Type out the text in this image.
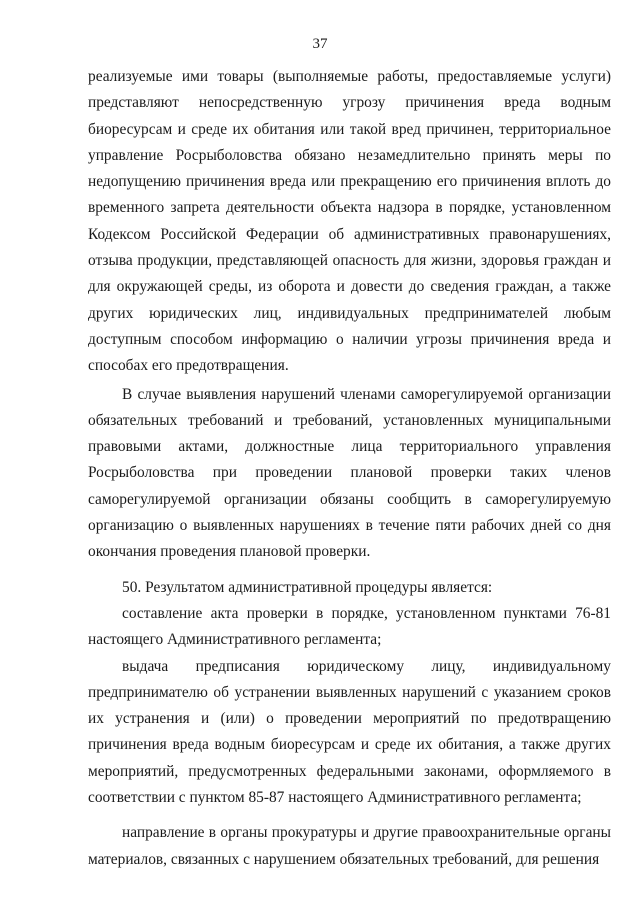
37

реализуемые ими товары (выполняемые работы, предоставляемые услуги) представляют непосредственную угрозу причинения вреда водным биоресурсам и среде их обитания или такой вред причинен, территориальное управление Росрыболовства обязано незамедлительно принять меры по недопущению причинения вреда или прекращению его причинения вплоть до временного запрета деятельности объекта надзора в порядке, установленном Кодексом Российской Федерации об административных правонарушениях, отзыва продукции, представляющей опасность для жизни, здоровья граждан и для окружающей среды, из оборота и довести до сведения граждан, а также других юридических лиц, индивидуальных предпринимателей любым доступным способом информацию о наличии угрозы причинения вреда и способах его предотвращения.

В случае выявления нарушений членами саморегулируемой организации обязательных требований и требований, установленных муниципальными правовыми актами, должностные лица территориального управления Росрыболовства при проведении плановой проверки таких членов саморегулируемой организации обязаны сообщить в саморегулируемую организацию о выявленных нарушениях в течение пяти рабочих дней со дня окончания проведения плановой проверки.

50. Результатом административной процедуры является:

составление акта проверки в порядке, установленном пунктами 76-81 настоящего Административного регламента;

выдача предписания юридическому лицу, индивидуальному предпринимателю об устранении выявленных нарушений с указанием сроков их устранения и (или) о проведении мероприятий по предотвращению причинения вреда водным биоресурсам и среде их обитания, а также других мероприятий, предусмотренных федеральными законами, оформляемого в соответствии с пунктом 85-87 настоящего Административного регламента;

направление в органы прокуратуры и другие правоохранительные органы материалов, связанных с нарушением обязательных требований, для решения
